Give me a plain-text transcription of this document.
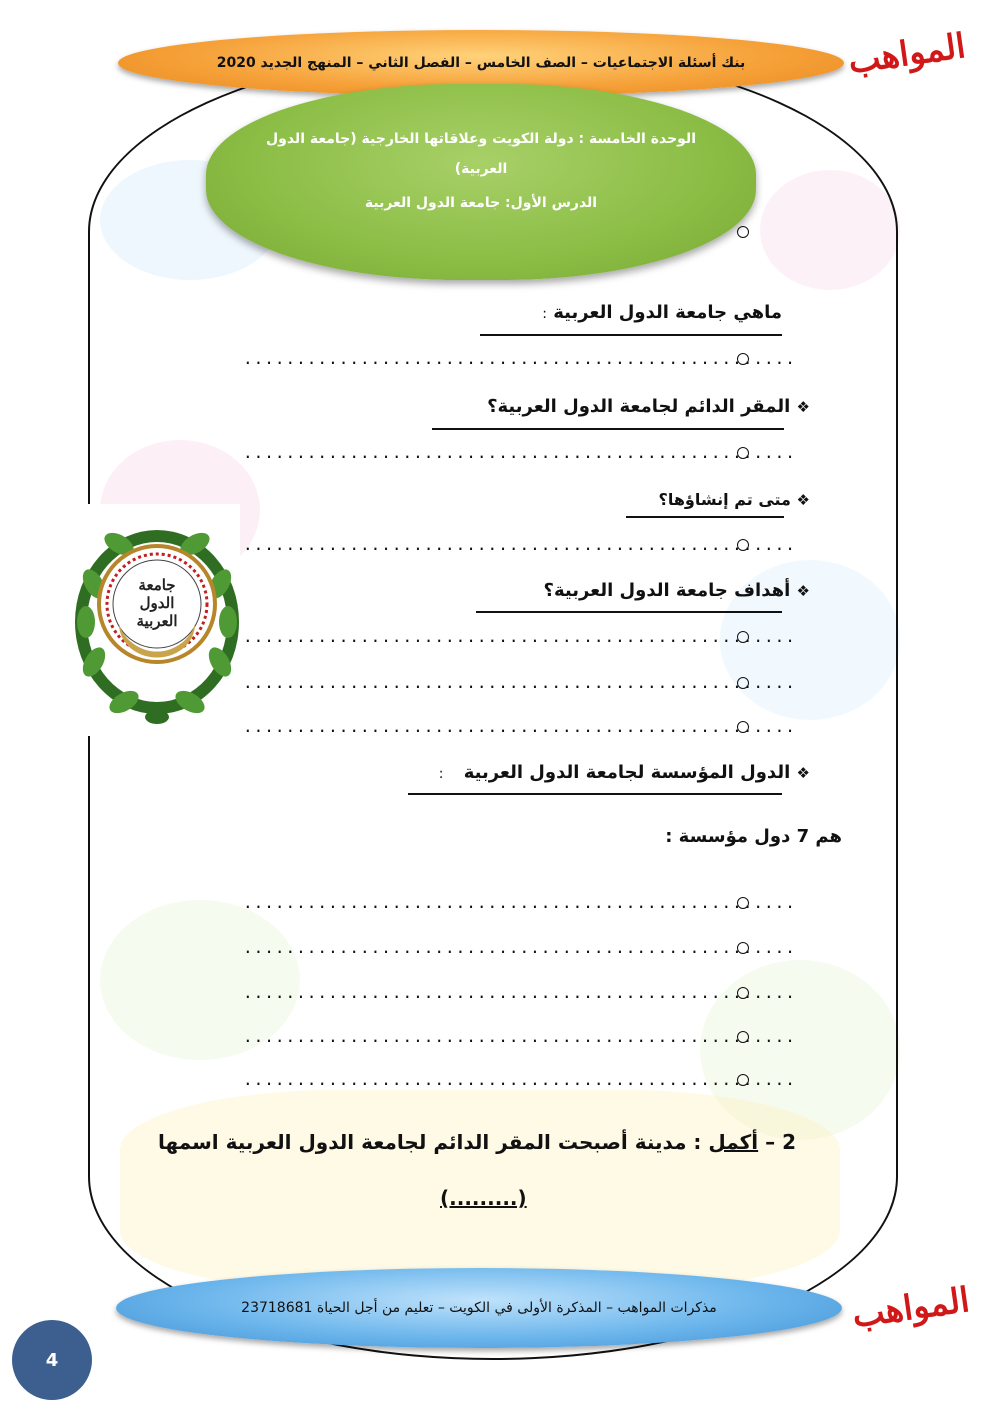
بنك أسئلة الاجتماعيات – الصف الخامس – الفصل الثاني – المنهج الجديد 2020	المواهب
الوحدة الخامسة : دولة الكويت وعلاقاتها الخارجية (جامعة الدول العربية)
الدرس الأول: جامعة الدول العربية
ماهي جامعة الدول العربية :
....................................................
❖ المقر الدائم لجامعة الدول العربية؟
....................................................
❖ متى تم إنشاؤها؟
....................................................
❖ أهداف جامعة الدول العربية؟
....................................................
....................................................
....................................................
جامعة الدول العربية
❖ الدول المؤسسة لجامعة الدول العربية :
هم 7 دول مؤسسة :
....................................................
....................................................
....................................................
....................................................
....................................................
2 – أكمل : مدينة أصبحت المقر الدائم لجامعة الدول العربية اسمها
(.........)
مذكرات المواهب – المذكرة الأولى في الكويت – تعليم من أجل الحياة 23718681	المواهب
4
